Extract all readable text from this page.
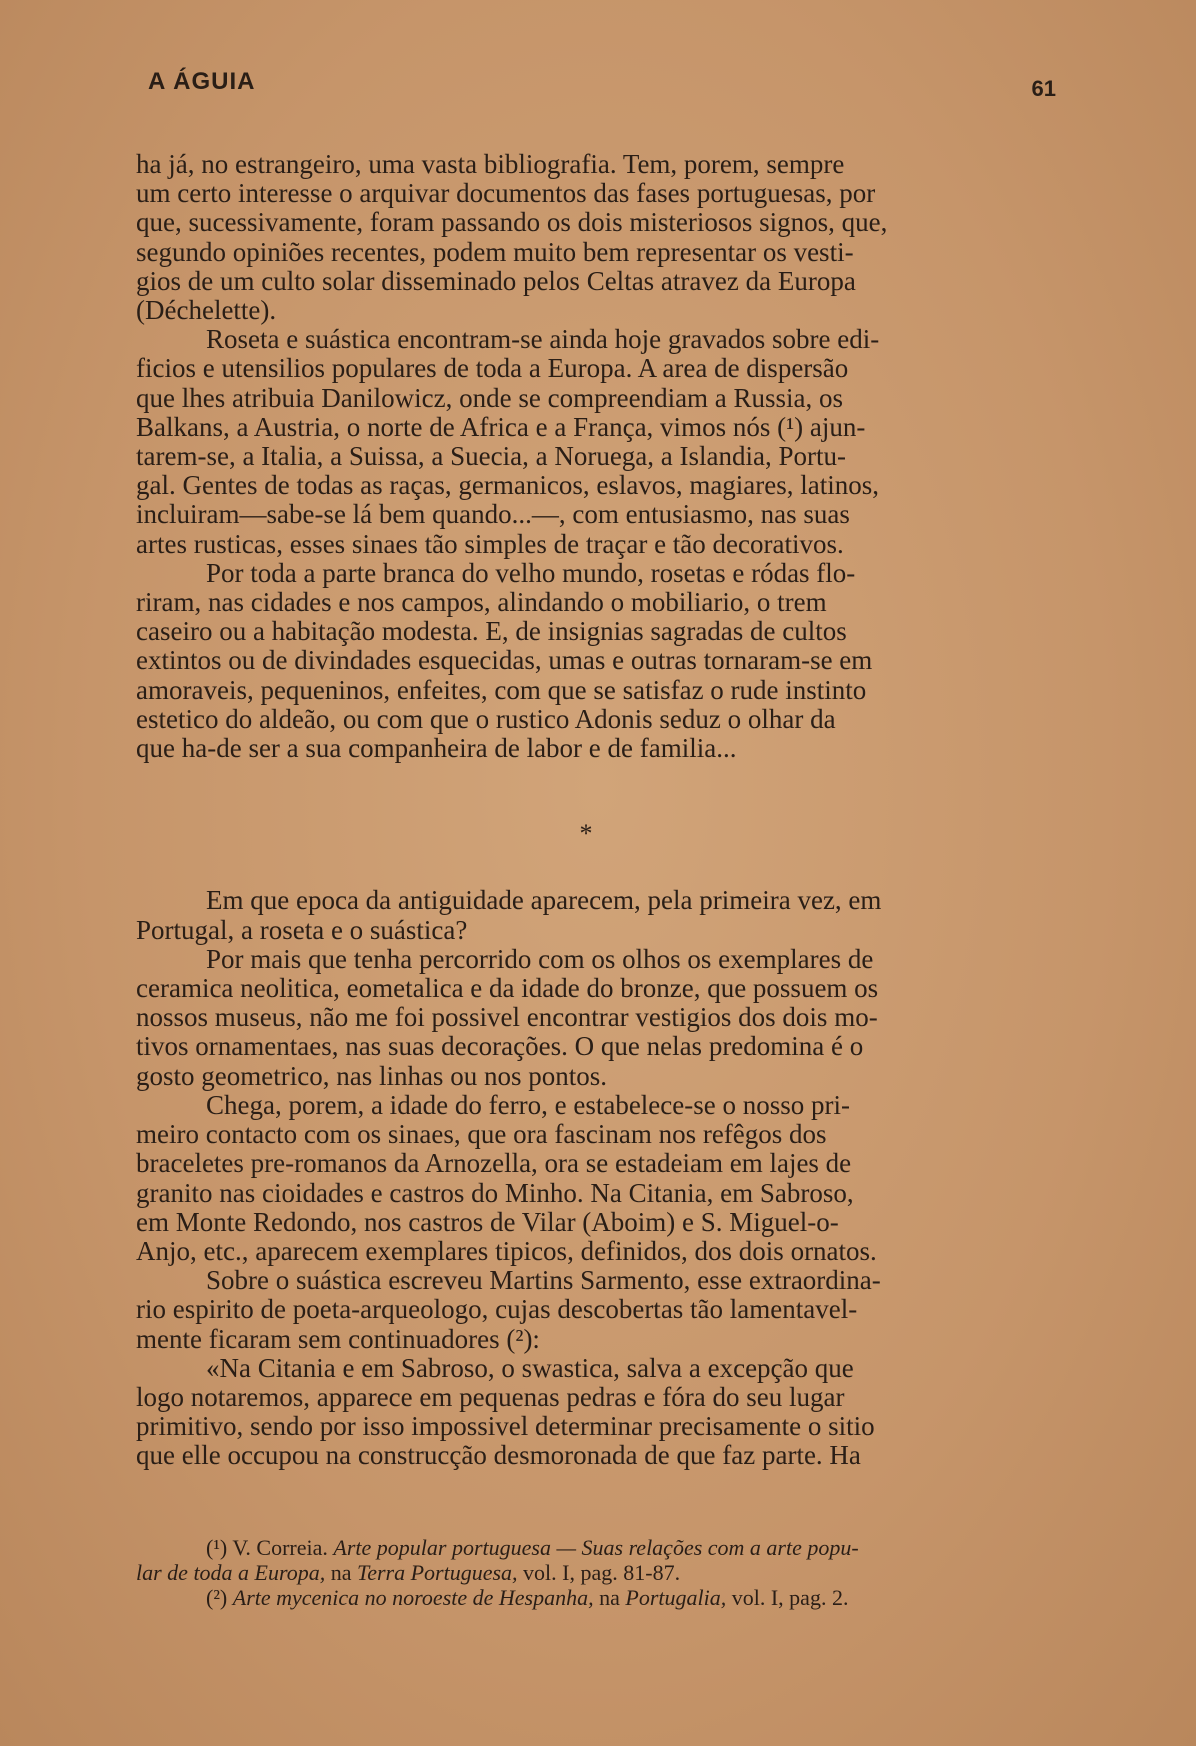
A ÁGUIA	61
ha já, no estrangeiro, uma vasta bibliografia. Tem, porem, sempre
um certo interesse o arquivar documentos das fases portuguesas, por
que, sucessivamente, foram passando os dois misteriosos signos, que,
segundo opiniões recentes, podem muito bem representar os vesti-
gios de um culto solar disseminado pelos Celtas atravez da Europa
(Déchelette).
Roseta e suástica encontram-se ainda hoje gravados sobre edi-
ficios e utensilios populares de toda a Europa. A area de dispersão
que lhes atribuia Danilowicz, onde se compreendiam a Russia, os
Balkans, a Austria, o norte de Africa e a França, vimos nós (¹) ajun-
tarem-se, a Italia, a Suissa, a Suecia, a Noruega, a Islandia, Portu-
gal. Gentes de todas as raças, germanicos, eslavos, magiares, latinos,
incluiram—sabe-se lá bem quando...—, com entusiasmo, nas suas
artes rusticas, esses sinaes tão simples de traçar e tão decorativos.
Por toda a parte branca do velho mundo, rosetas e ródas flo-
riram, nas cidades e nos campos, alindando o mobiliario, o trem
caseiro ou a habitação modesta. E, de insignias sagradas de cultos
extintos ou de divindades esquecidas, umas e outras tornaram-se em
amoraveis, pequeninos, enfeites, com que se satisfaz o rude instinto
estetico do aldeão, ou com que o rustico Adonis seduz o olhar da
que ha-de ser a sua companheira de labor e de familia...
*
Em que epoca da antiguidade aparecem, pela primeira vez, em
Portugal, a roseta e o suástica?
Por mais que tenha percorrido com os olhos os exemplares de
ceramica neolitica, eometalica e da idade do bronze, que possuem os
nossos museus, não me foi possivel encontrar vestigios dos dois mo-
tivos ornamentaes, nas suas decorações. O que nelas predomina é o
gosto geometrico, nas linhas ou nos pontos.
Chega, porem, a idade do ferro, e estabelece-se o nosso pri-
meiro contacto com os sinaes, que ora fascinam nos refêgos dos
braceletes pre-romanos da Arnozella, ora se estadeiam em lajes de
granito nas cioidades e castros do Minho. Na Citania, em Sabroso,
em Monte Redondo, nos castros de Vilar (Aboim) e S. Miguel-o-
Anjo, etc., aparecem exemplares tipicos, definidos, dos dois ornatos.
Sobre o suástica escreveu Martins Sarmento, esse extraordina-
rio espirito de poeta-arqueologo, cujas descobertas tão lamentavel-
mente ficaram sem continuadores (²):
«Na Citania e em Sabroso, o swastica, salva a excepção que
logo notaremos, apparece em pequenas pedras e fóra do seu lugar
primitivo, sendo por isso impossivel determinar precisamente o sitio
que elle occupou na construcção desmoronada de que faz parte. Ha
(¹) V. Correia. Arte popular portuguesa — Suas relações com a arte popu-
lar de toda a Europa, na Terra Portuguesa, vol. I, pag. 81-87.
(²) Arte mycenica no noroeste de Hespanha, na Portugalia, vol. I, pag. 2.
